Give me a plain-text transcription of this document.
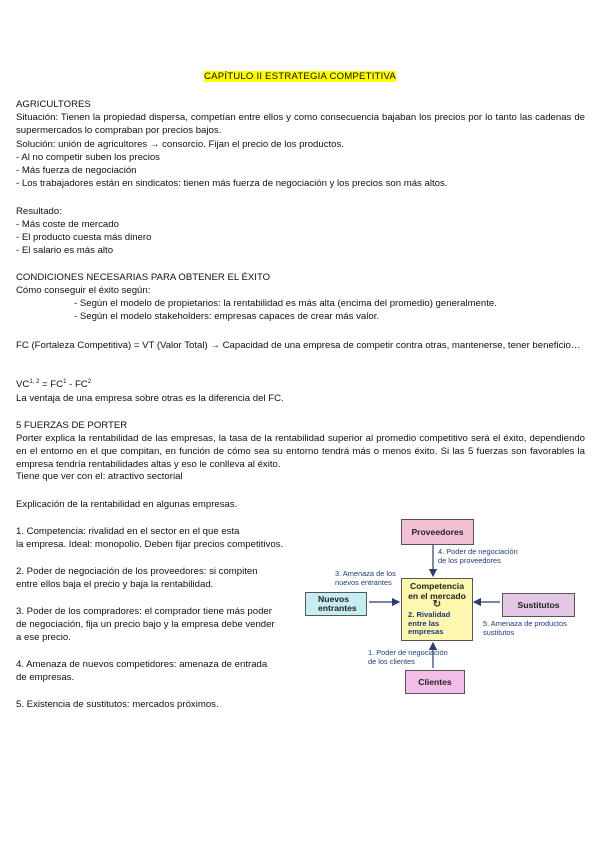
CAPÍTULO II ESTRATEGIA COMPETITIVA
AGRICULTORES
Situación: Tienen la propiedad dispersa, competían entre ellos y como consecuencia bajaban los precios por lo tanto las cadenas de supermercados lo compraban por precios bajos.
Solución: unión de agricultores → consorcio. Fijan el precio de los productos.
- Al no competir suben los precios
- Más fuerza de negociación
- Los trabajadores están en sindicatos: tienen más fuerza de negociación y los precios son más altos.
Resultado:
- Más coste de mercado
- El producto cuesta más dinero
- El salario es más alto
CONDICIONES NECESARIAS PARA OBTENER EL ÉXITO
Cómo conseguir el éxito según:
- Según el modelo de propietarios: la rentabilidad es más alta (encima del promedio) generalmente.
- Según el modelo stakeholders: empresas capaces de crear más valor.
FC (Fortaleza Competitiva) = VT (Valor Total) → Capacidad de una empresa de competir contra otras, mantenerse, tener beneficio…
$VC^{1, 2} = FC^1 - FC^2$
La ventaja de una empresa sobre otras es la diferencia del FC.
5 FUERZAS DE PORTER
Porter explica la rentabilidad de las empresas, la tasa de la rentabilidad superior al promedio competitivo será el éxito, dependiendo en el entorno en el que compitan, en función de cómo sea su entorno tendrá más o menos éxito. Si las 5 fuerzas son favorables la empresa tendría rentabilidades altas y eso le conlleva al éxito.
Tiene que ver con el: atractivo sectorial
Explicación de la rentabilidad en algunas empresas.
1. Competencia: rivalidad en el sector en el que esta
la empresa. Ideal: monopolio. Deben fijar precios competitivos.
2. Poder de negociación de los proveedores: si compiten
entre ellos baja el precio y baja la rentabilidad.
3. Poder de los compradores: el comprador tiene más poder
de negociación, fija un precio bajo y la empresa debe vender
a ese precio.
4. Amenaza de nuevos competidores: amenaza de entrada
de empresas.
5. Existencia de sustitutos: mercados próximos.
Proveedores
4. Poder de negociación
de los proveedores
3. Amenaza de los
nuevos entrantes	Competencia en el mercado
↻
2. Rivalidad entre las empresas
Nuevos entrantes	Sustitutos
5. Amenaza de productos
sustitutos
1. Poder de negociación
de los clientes
Clientes
